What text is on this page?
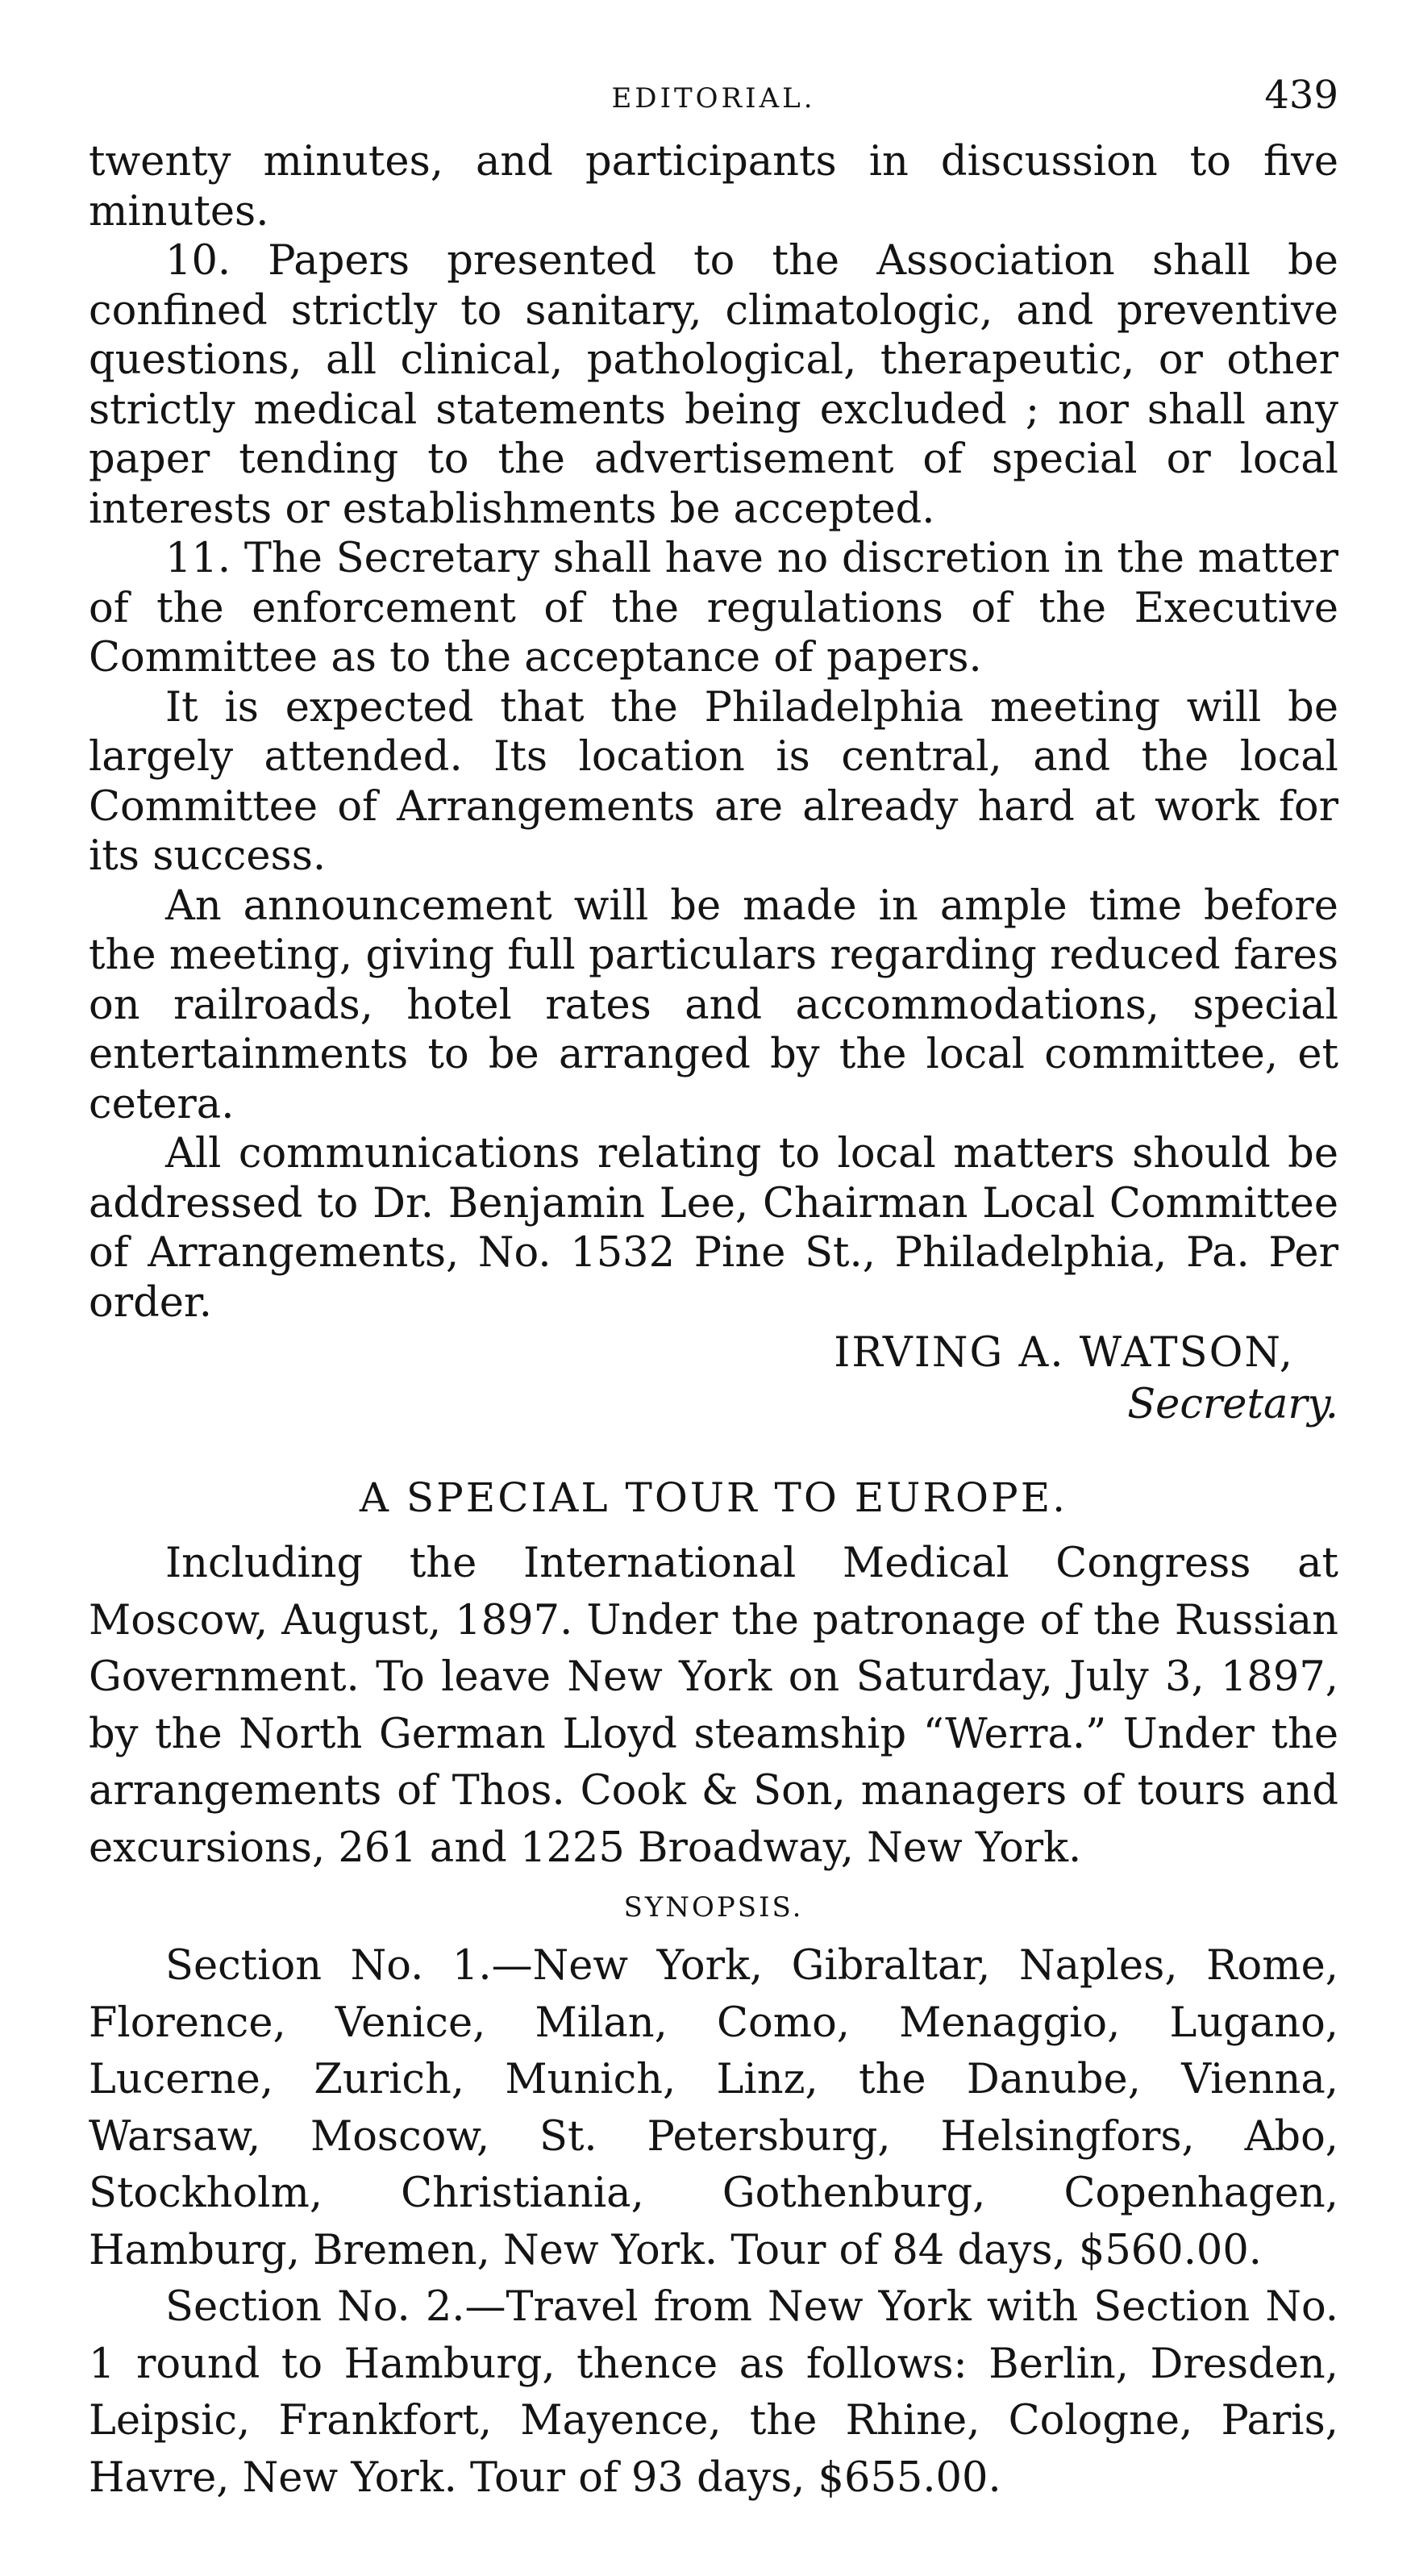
EDITORIAL.	439

twenty minutes, and participants in discussion to five minutes.

10. Papers presented to the Association shall be confined strictly to sanitary, climatologic, and preventive questions, all clinical, pathological, therapeutic, or other strictly medical statements being excluded ; nor shall any paper tending to the advertisement of special or local interests or establishments be accepted.

11. The Secretary shall have no discretion in the matter of the enforcement of the regulations of the Executive Committee as to the acceptance of papers.

It is expected that the Philadelphia meeting will be largely attended. Its location is central, and the local Committee of Arrangements are already hard at work for its success.

An announcement will be made in ample time before the meeting, giving full particulars regarding reduced fares on railroads, hotel rates and accommodations, special entertainments to be arranged by the local committee, et cetera.

All communications relating to local matters should be addressed to Dr. Benjamin Lee, Chairman Local Committee of Arrangements, No. 1532 Pine St., Philadelphia, Pa. Per order.

IRVING A. WATSON,
Secretary.
A SPECIAL TOUR TO EUROPE.

Including the International Medical Congress at Moscow, August, 1897. Under the patronage of the Russian Government. To leave New York on Saturday, July 3, 1897, by the North German Lloyd steamship “Werra.” Under the arrangements of Thos. Cook & Son, managers of tours and excursions, 261 and 1225 Broadway, New York.

SYNOPSIS.

Section No. 1.—New York, Gibraltar, Naples, Rome, Florence, Venice, Milan, Como, Menaggio, Lugano, Lucerne, Zurich, Munich, Linz, the Danube, Vienna, Warsaw, Moscow, St. Petersburg, Helsingfors, Abo, Stockholm, Christiania, Gothenburg, Copenhagen, Hamburg, Bremen, New York. Tour of 84 days, $560.00.

Section No. 2.—Travel from New York with Section No. 1 round to Hamburg, thence as follows: Berlin, Dresden, Leipsic, Frankfort, Mayence, the Rhine, Cologne, Paris, Havre, New York. Tour of 93 days, $655.00.
